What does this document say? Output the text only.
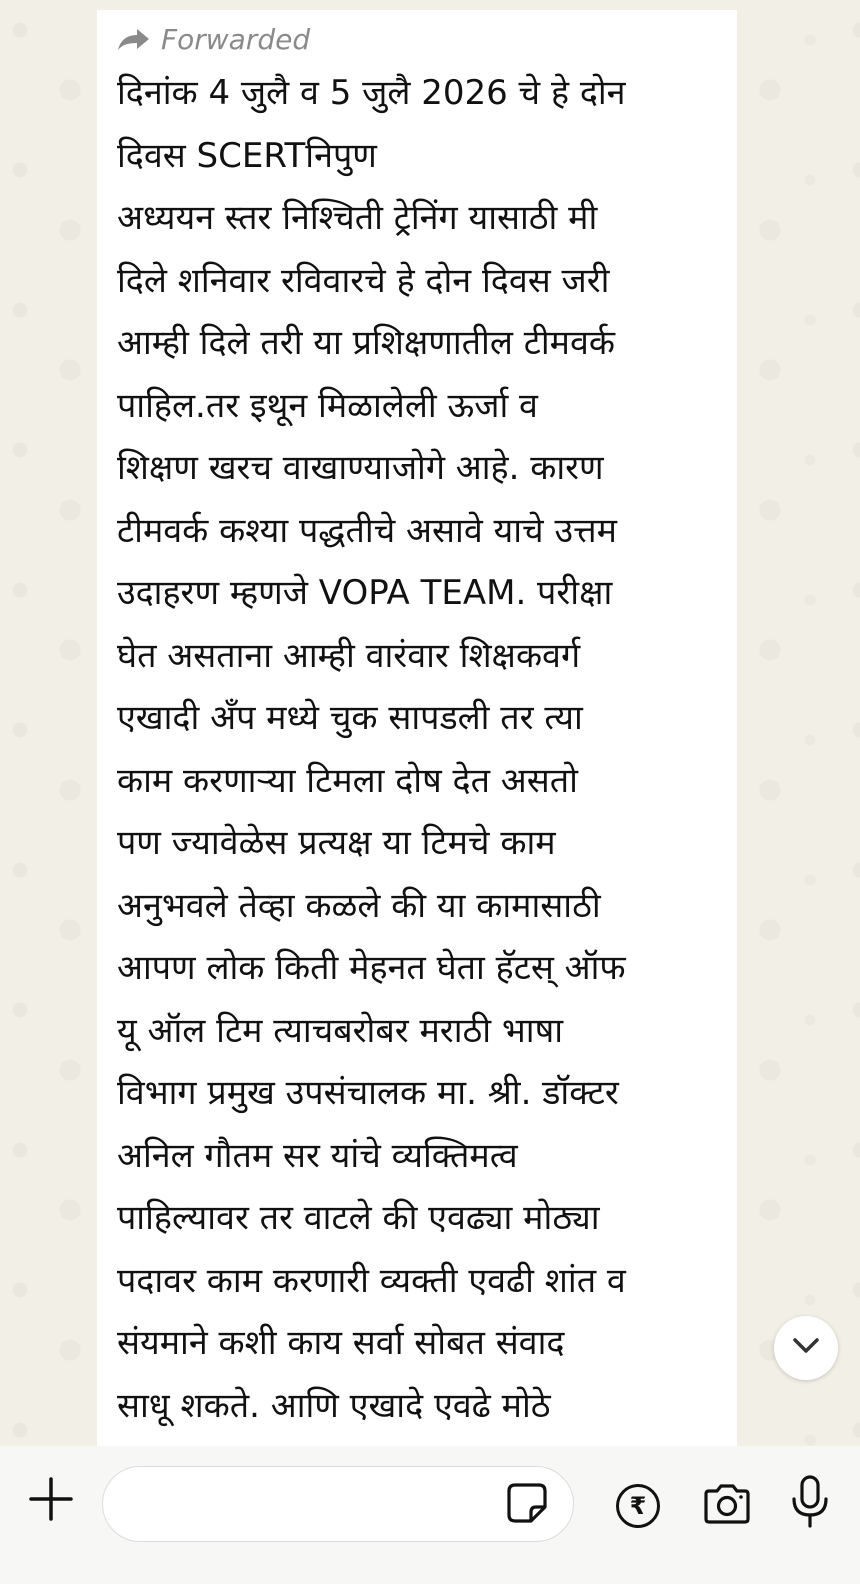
Forwarded
दिनांक 4 जुलै व 5 जुलै 2026 चे हे दोन
दिवस SCERTनिपुण
अध्ययन स्तर निश्चिती ट्रेनिंग यासाठी मी
दिले शनिवार रविवारचे हे दोन दिवस जरी
आम्ही दिले तरी या प्रशिक्षणातील टीमवर्क
पाहिल.तर इथून मिळालेली ऊर्जा व
शिक्षण खरच वाखाण्याजोगे आहे. कारण
टीमवर्क कश्या पद्धतीचे असावे याचे उत्तम
उदाहरण म्हणजे VOPA TEAM. परीक्षा
घेत असताना आम्ही वारंवार शिक्षकवर्ग
एखादी अँप मध्ये चुक सापडली तर त्या
काम करणाऱ्या टिमला दोष देत असतो
पण ज्यावेळेस प्रत्यक्ष या टिमचे काम
अनुभवले तेव्हा कळले की या कामासाठी
आपण लोक किती मेहनत घेता हॅटस् ऑफ
यू ऑल टिम त्याचबरोबर मराठी भाषा
विभाग प्रमुख उपसंचालक मा. श्री. डॉक्टर
अनिल गौतम सर यांचे व्यक्तिमत्व
पाहिल्यावर तर वाटले की एवढ्या मोठ्या
पदावर काम करणारी व्यक्ती एवढी शांत व
संयमाने कशी काय सर्वा सोबत संवाद
साधू शकते. आणि एखादे एवढे मोठे
₹
